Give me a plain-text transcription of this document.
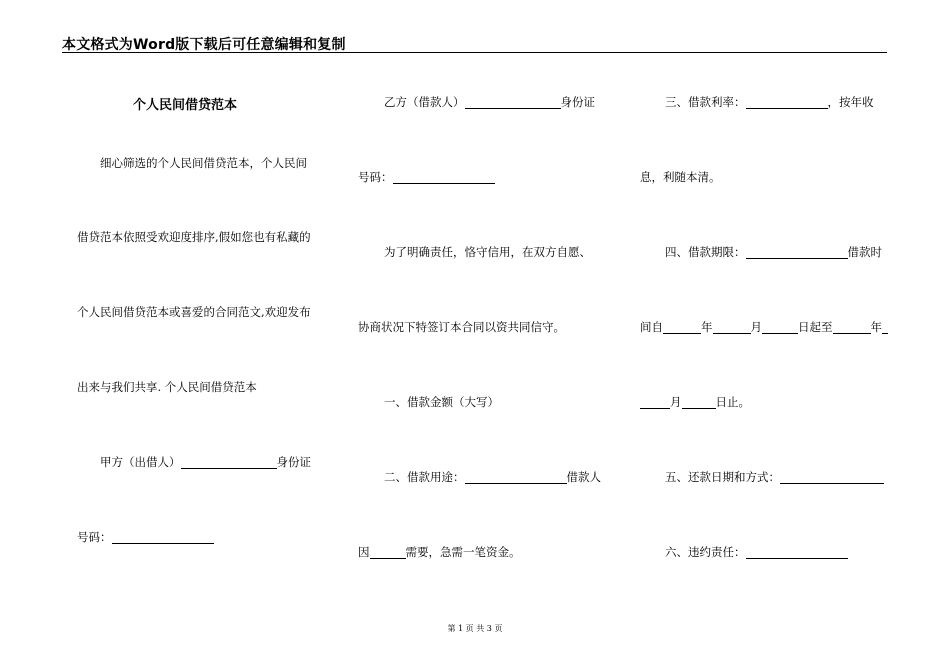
本文格式为Word版下载后可任意编辑和复制
个人民间借贷范本
细心筛选的个人民间借贷范本，个人民间
借贷范本依照受欢迎度排序,假如您也有私藏的
个人民间借贷范本或喜爱的合同范文,欢迎发布
出来与我们共享. 个人民间借贷范本
甲方（出借人）	身份证
号码：
乙方（借款人）	身份证
号码：
为了明确责任，恪守信用，在双方自愿、
协商状况下特签订本合同以资共同信守。
一、借款金额（大写）
二、借款用途：	借款人
因	需要，急需一笔资金。
三、借款利率：	，按年收
息，利随本清。
四、借款期限：	借款时
间自	年	月	日起至	年
月	日止。
五、还款日期和方式：
六、违约责任：
第 1 页 共 3 页
